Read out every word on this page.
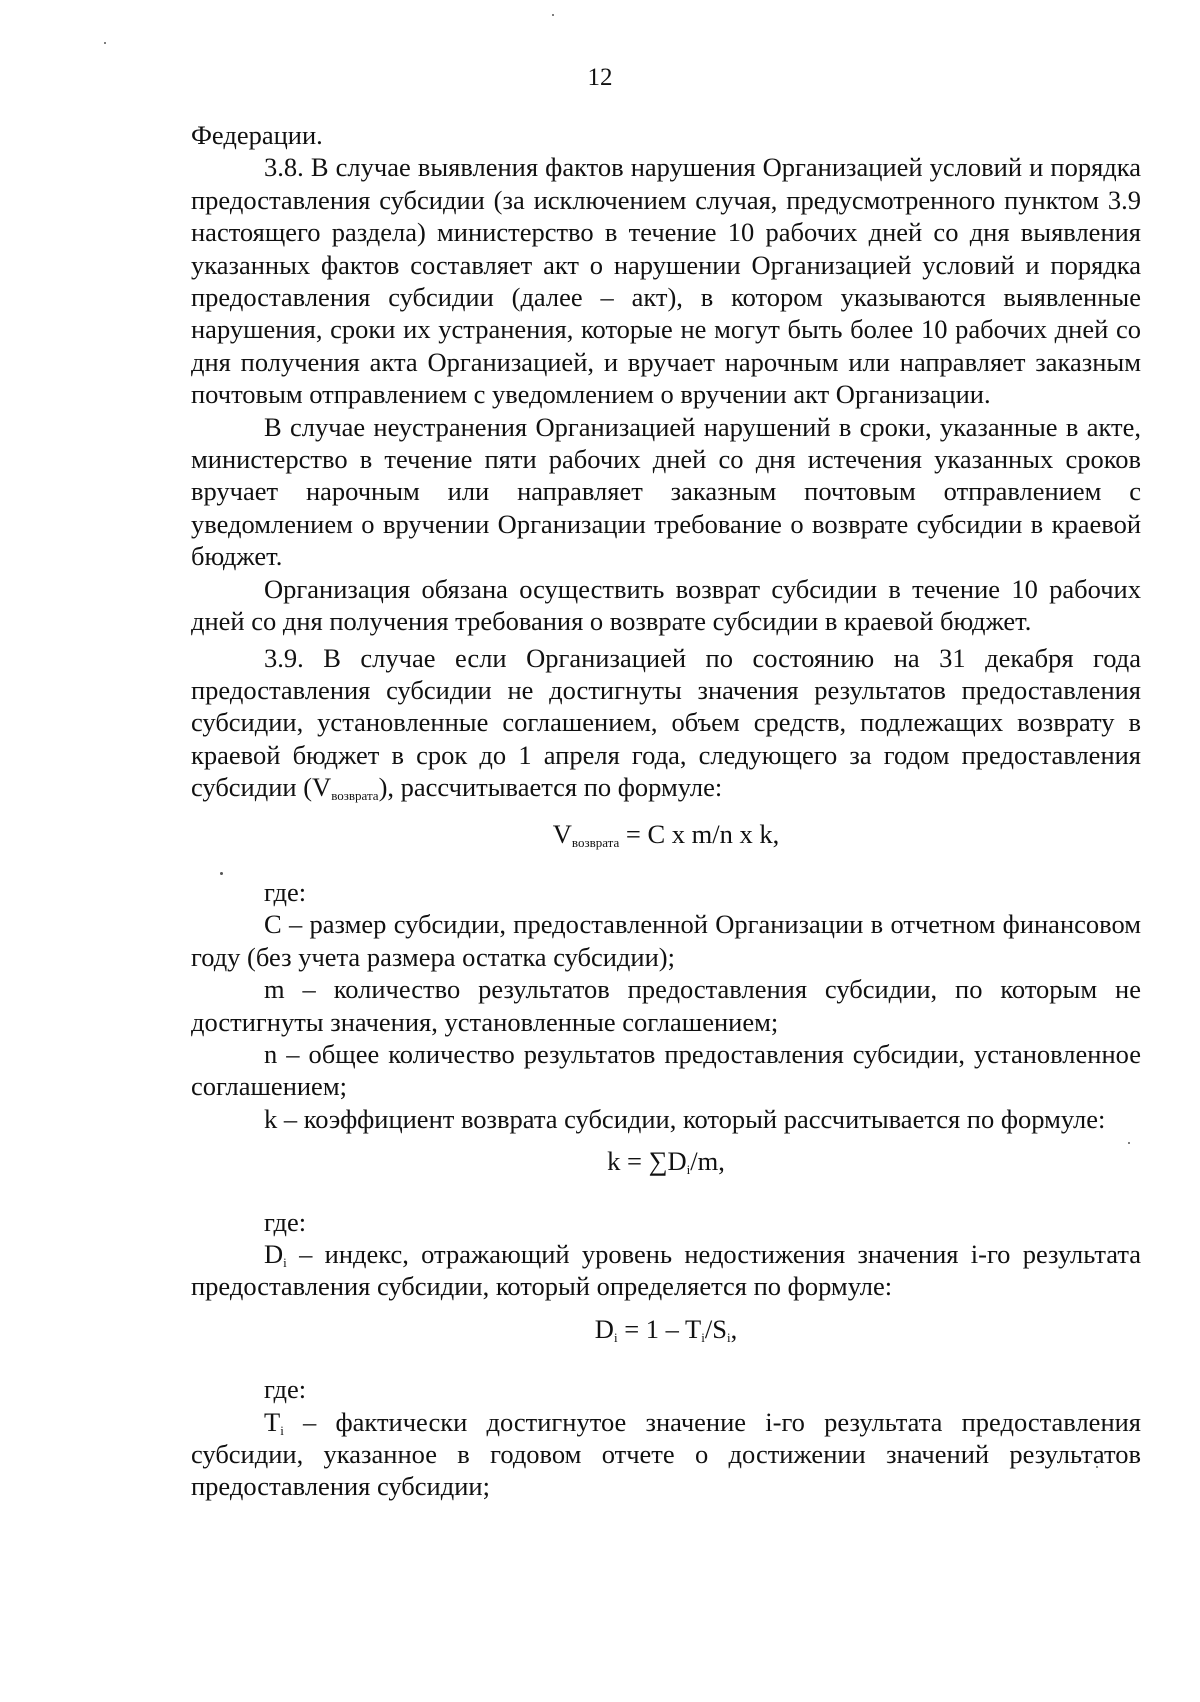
12

Федерации.

3.8. В случае выявления фактов нарушения Организацией условий и порядка предоставления субсидии (за исключением случая, предусмотренного пунктом 3.9 настоящего раздела) министерство в течение 10 рабочих дней со дня выявления указанных фактов составляет акт о нарушении Организацией условий и порядка предоставления субсидии (далее – акт), в котором указываются выявленные нарушения, сроки их устранения, которые не могут быть более 10 рабочих дней со дня получения акта Организацией, и вручает нарочным или направляет заказным почтовым отправлением с уведомлением о вручении акт Организации.

В случае неустранения Организацией нарушений в сроки, указанные в акте, министерство в течение пяти рабочих дней со дня истечения указанных сроков вручает нарочным или направляет заказным почтовым отправлением с уведомлением о вручении Организации требование о возврате субсидии в краевой бюджет.

Организация обязана осуществить возврат субсидии в течение 10 рабочих дней со дня получения требования о возврате субсидии в краевой бюджет.

3.9. В случае если Организацией по состоянию на 31 декабря года предоставления субсидии не достигнуты значения результатов предоставления субсидии, установленные соглашением, объем средств, подлежащих возврату в краевой бюджет в срок до 1 апреля года, следующего за годом предоставления субсидии $(V_{возврата})$, рассчитывается по формуле:

$V_{возврата} = C$ x m/n x k,

где:

C – размер субсидии, предоставленной Организации в отчетном финансовом году (без учета размера остатка субсидии);

m – количество результатов предоставления субсидии, по которым не достигнуты значения, установленные соглашением;

n – общее количество результатов предоставления субсидии, установленное соглашением;

k – коэффициент возврата субсидии, который рассчитывается по формуле:

$k = \sum D_i/m$,

где:

$D_i$ – индекс, отражающий уровень недостижения значения i-го результата предоставления субсидии, который определяется по формуле:

$D_i = 1 - T_i/S_i$,

где:

$T_i$ – фактически достигнутое значение i-го результата предоставления субсидии, указанное в годовом отчете о достижении значений результатов предоставления субсидии;
